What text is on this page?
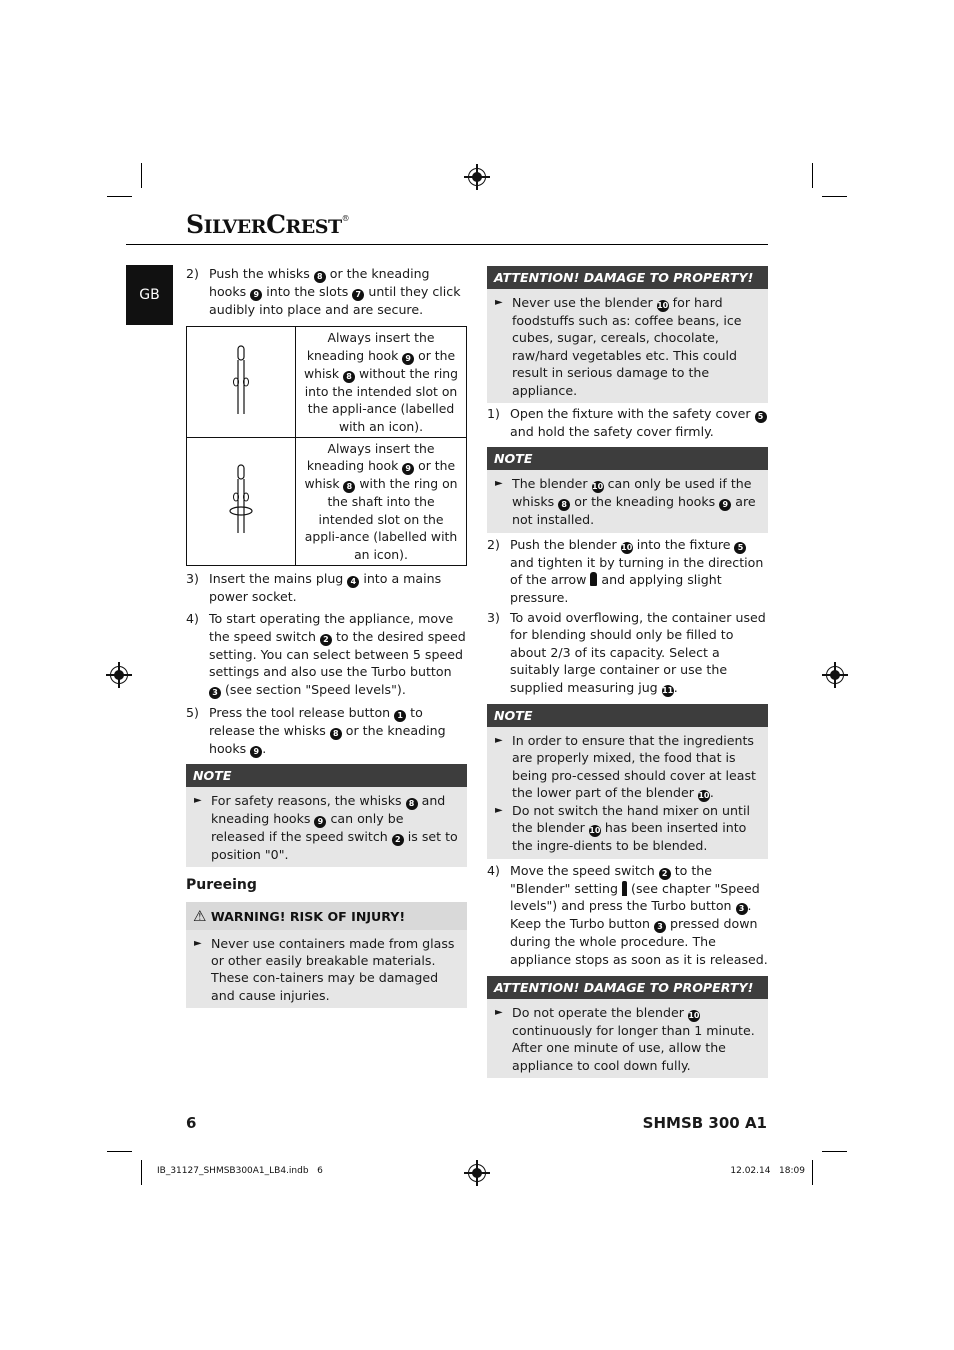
SILVERCREST®
GB
2) Push the whisks 8 or the kneading hooks 9 into the slots 7 until they click audibly into place and are secure.
	Always insert the kneading hook 9 or the whisk 8 without the ring into the intended slot on the appli-ance (labelled with an icon).
	Always insert the kneading hook 9 or the whisk 8 with the ring on the shaft into the intended slot on the appli-ance (labelled with an icon).
3) Insert the mains plug 4 into a mains power socket.
4) To start operating the appliance, move the speed switch 2 to the desired speed setting. You can select between 5 speed settings and also use the Turbo button 3 (see section "Speed levels").
5) Press the tool release button 1 to release the whisks 8 or the kneading hooks 9 .
NOTE

► For safety reasons, the whisks 8 and kneading hooks 9 can only be released if the speed switch 2 is set to position "0".

Pureeing
⚠ WARNING! RISK OF INJURY!

► Never use containers made from glass or other easily breakable materials. These con-tainers may be damaged and cause injuries.

ATTENTION! DAMAGE TO PROPERTY!

► Never use the blender 10 for hard foodstuffs such as: coffee beans, ice cubes, sugar, cereals, chocolate, raw/hard vegetables etc. This could result in serious damage to the appliance.

1) Open the fixture with the safety cover 5 and hold the safety cover firmly.
NOTE

► The blender 10 can only be used if the whisks 8 or the kneading hooks 9 are not installed.

2) Push the blender 10 into the fixture 5 and tighten it by turning in the direction of the arrow  and applying slight pressure.
3) To avoid overflowing, the container used for blending should only be filled to about 2/3 of its capacity. Select a suitably large container or use the supplied measuring jug 11.
NOTE

► In order to ensure that the ingredients are properly mixed, the food that is being pro-cessed should cover at least the lower part of the blender 10.

► Do not switch the hand mixer on until the blender 10 has been inserted into the ingre-dients to be blended.

4) Move the speed switch 2 to the "Blender" setting  (see chapter "Speed levels") and press the Turbo button 3 . Keep the Turbo button 3 pressed down during the whole procedure. The appliance stops as soon as it is released.
ATTENTION! DAMAGE TO PROPERTY!

► Do not operate the blender 10 continuously for longer than 1 minute. After one minute of use, allow the appliance to cool down fully.

6	SHMSB 300 A1
IB_31127_SHMSB300A1_LB4.indb   6	12.02.14   18:09
